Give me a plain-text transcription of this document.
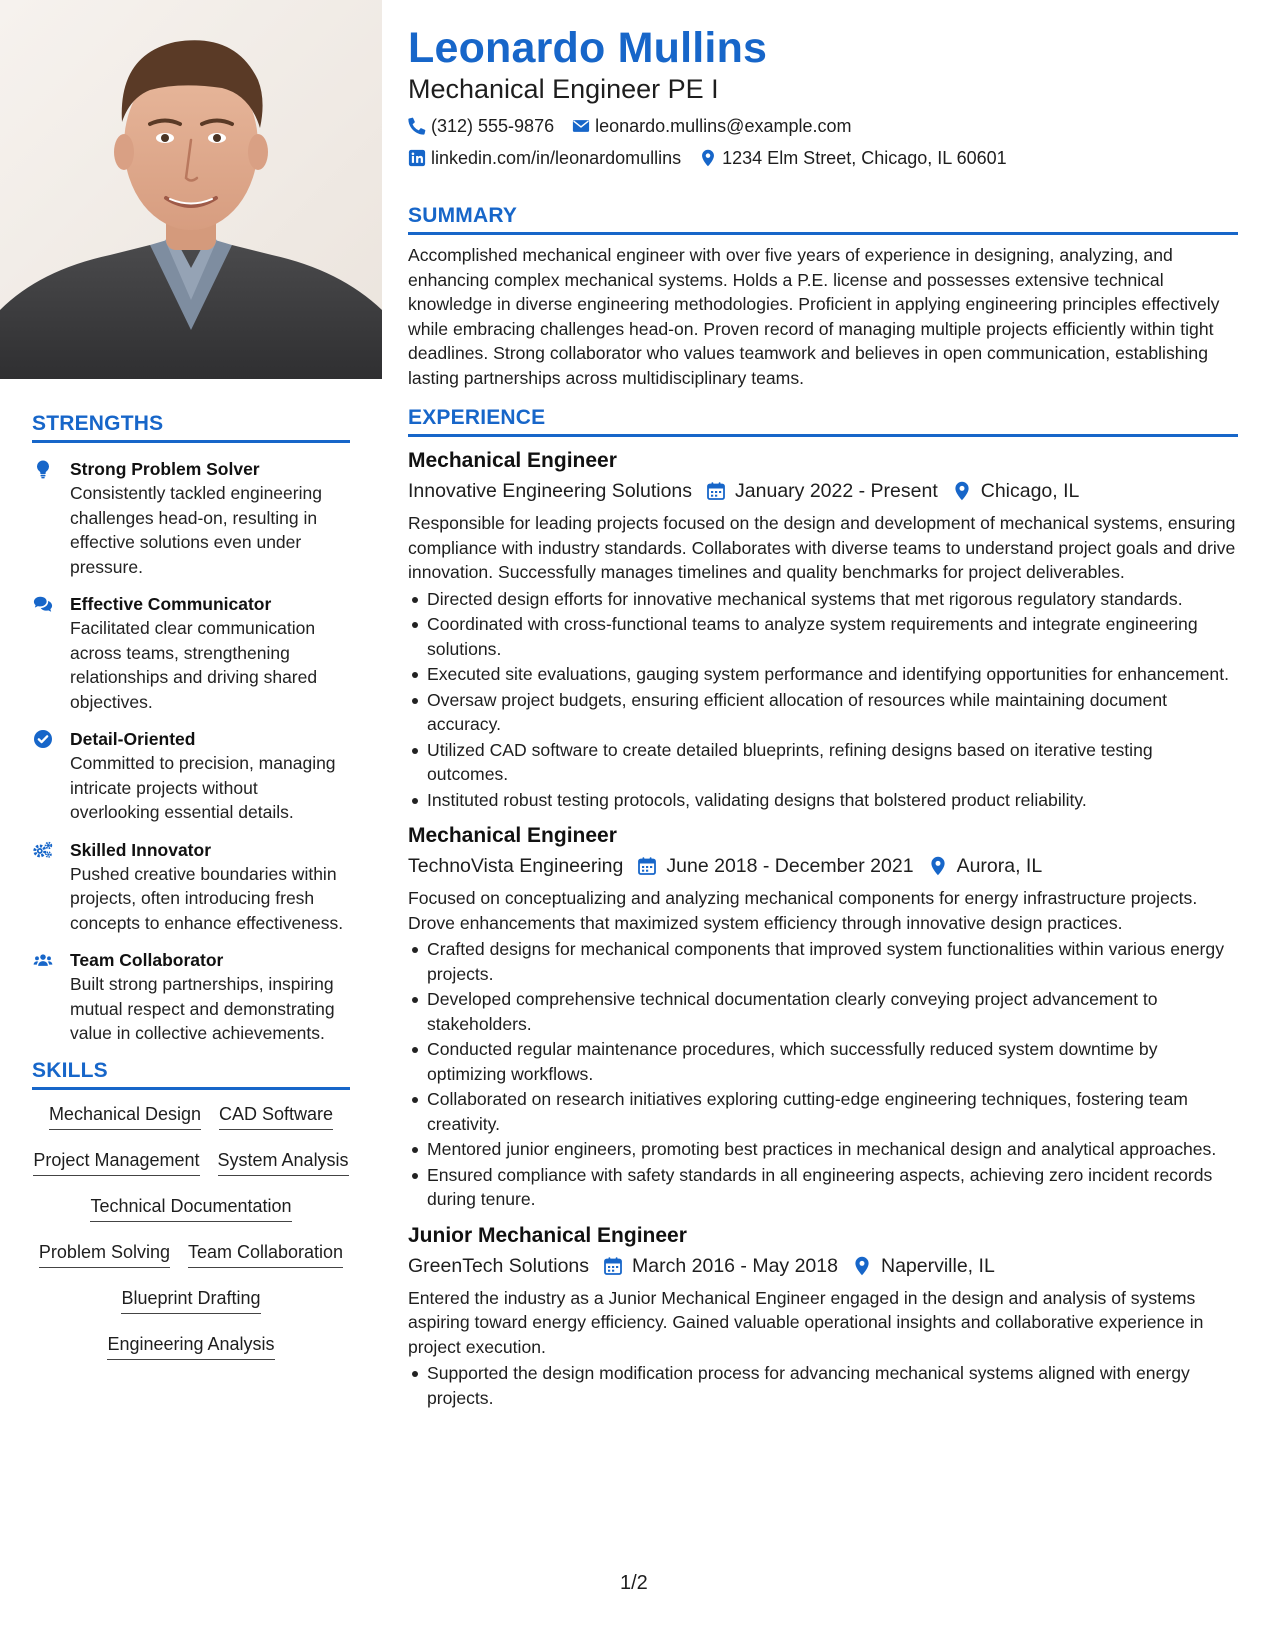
STRENGTHS
Strong Problem Solver
Consistently tackled engineering challenges head-on, resulting in effective solutions even under pressure.
Effective Communicator
Facilitated clear communication across teams, strengthening relationships and driving shared objectives.
Detail-Oriented
Committed to precision, managing intricate projects without overlooking essential details.
Skilled Innovator
Pushed creative boundaries within projects, often introducing fresh concepts to enhance effectiveness.
Team Collaborator
Built strong partnerships, inspiring mutual respect and demonstrating value in collective achievements.
SKILLS
Mechanical Design CAD Software
Project Management System Analysis
Technical Documentation
Problem Solving Team Collaboration
Blueprint Drafting
Engineering Analysis
Leonardo Mullins
Mechanical Engineer PE I
(312) 555-9876 leonardo.mullins@example.com
linkedin.com/in/leonardomullins 1234 Elm Street, Chicago, IL 60601
SUMMARY
Accomplished mechanical engineer with over five years of experience in designing, analyzing, and enhancing complex mechanical systems. Holds a P.E. license and possesses extensive technical knowledge in diverse engineering methodologies. Proficient in applying engineering principles effectively while embracing challenges head-on. Proven record of managing multiple projects efficiently within tight deadlines. Strong collaborator who values teamwork and believes in open communication, establishing lasting partnerships across multidisciplinary teams.
EXPERIENCE
Mechanical Engineer
Innovative Engineering Solutions January 2022 - Present Chicago, IL
Responsible for leading projects focused on the design and development of mechanical systems, ensuring compliance with industry standards. Collaborates with diverse teams to understand project goals and drive innovation. Successfully manages timelines and quality benchmarks for project deliverables.
Directed design efforts for innovative mechanical systems that met rigorous regulatory standards.
Coordinated with cross-functional teams to analyze system requirements and integrate engineering solutions.
Executed site evaluations, gauging system performance and identifying opportunities for enhancement.
Oversaw project budgets, ensuring efficient allocation of resources while maintaining document accuracy.
Utilized CAD software to create detailed blueprints, refining designs based on iterative testing outcomes.
Instituted robust testing protocols, validating designs that bolstered product reliability.
Mechanical Engineer
TechnoVista Engineering June 2018 - December 2021 Aurora, IL
Focused on conceptualizing and analyzing mechanical components for energy infrastructure projects. Drove enhancements that maximized system efficiency through innovative design practices.
Crafted designs for mechanical components that improved system functionalities within various energy projects.
Developed comprehensive technical documentation clearly conveying project advancement to stakeholders.
Conducted regular maintenance procedures, which successfully reduced system downtime by optimizing workflows.
Collaborated on research initiatives exploring cutting-edge engineering techniques, fostering team creativity.
Mentored junior engineers, promoting best practices in mechanical design and analytical approaches.
Ensured compliance with safety standards in all engineering aspects, achieving zero incident records during tenure.
Junior Mechanical Engineer
GreenTech Solutions March 2016 - May 2018 Naperville, IL
Entered the industry as a Junior Mechanical Engineer engaged in the design and analysis of systems aspiring toward energy efficiency. Gained valuable operational insights and collaborative experience in project execution.
Supported the design modification process for advancing mechanical systems aligned with energy projects.
1/2
